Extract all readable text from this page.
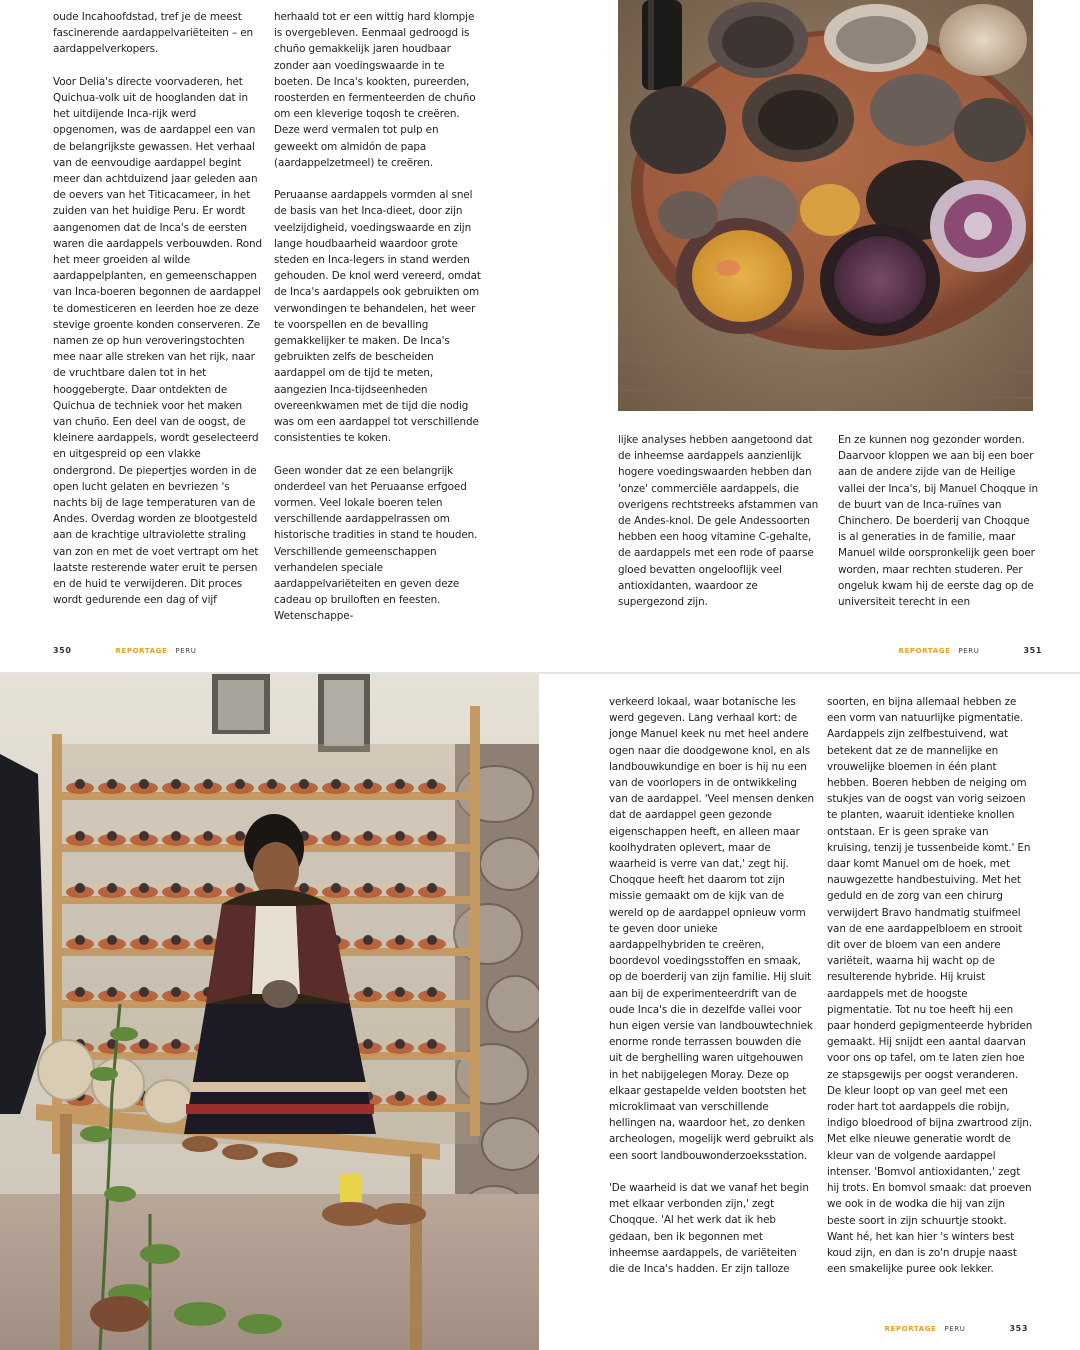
oude Incahoofdstad, tref je de meest fascinerende aardappelvariëteiten – en aardappelverkopers.

Voor Delia's directe voorvaderen, het Quichua-volk uit de hooglanden dat in het uitdijende Inca-rijk werd opgenomen, was de aardappel een van de belangrijkste gewassen. Het verhaal van de eenvoudige aardappel begint meer dan achtduizend jaar geleden aan de oevers van het Titicacameer, in het zuiden van het huidige Peru. Er wordt aangenomen dat de Inca's de eersten waren die aardappels verbouwden. Rond het meer groeiden al wilde aardappelplanten, en gemeenschappen van Inca-boeren begonnen de aardappel te domesticeren en leerden hoe ze deze stevige groente konden conserveren. Ze namen ze op hun veroveringstochten mee naar alle streken van het rijk, naar de vruchtbare dalen tot in het hooggebergte. Daar ontdekten de Quichua de techniek voor het maken van chuño. Een deel van de oogst, de kleinere aardappels, wordt geselecteerd en uitgespreid op een vlakke ondergrond. De piepertjes worden in de open lucht gelaten en bevriezen 's nachts bij de lage temperaturen van de Andes. Overdag worden ze blootgesteld aan de krachtige ultraviolette straling van zon en met de voet vertrapt om het laatste resterende water eruit te persen en de huid te verwijderen. Dit proces wordt gedurende een dag of vijf

herhaald tot er een wittig hard klompje is overgebleven. Eenmaal gedroogd is chuño gemakkelijk jaren houdbaar zonder aan voedingswaarde in te boeten. De Inca's kookten, pureerden, roosterden en fermenteerden de chuño om een kleverige toqosh te creëren. Deze werd vermalen tot pulp en geweekt om almidón de papa (aardappelzetmeel) te creëren.

Peruaanse aardappels vormden al snel de basis van het Inca-dieet, door zijn veelzijdigheid, voedingswaarde en zijn lange houdbaarheid waardoor grote steden en Inca-legers in stand werden gehouden. De knol werd vereerd, omdat de Inca's aardappels ook gebruikten om verwondingen te behandelen, het weer te voorspellen en de bevalling gemakkelijker te maken. De Inca's gebruikten zelfs de bescheiden aardappel om de tijd te meten, aangezien Inca-tijdseenheden overeenkwamen met de tijd die nodig was om een aardappel tot verschillende consistenties te koken.

Geen wonder dat ze een belangrijk onderdeel van het Peruaanse erfgoed vormen. Veel lokale boeren telen verschillende aardappelrassen om historische tradities in stand te houden. Verschillende gemeenschappen verhandelen speciale aardappelvariëteiten en geven deze cadeau op bruiloften en feesten. Wetenschappe-

350	REPORTAGE PERU

lijke analyses hebben aangetoond dat de inheemse aardappels aanzienlijk hogere voedingswaarden hebben dan 'onze' commerciële aardappels, die overigens rechtstreeks afstammen van de Andes-knol. De gele Andessoorten hebben een hoog vitamine C-gehalte, de aardappels met een rode of paarse gloed bevatten ongelooflijk veel antioxidanten, waardoor ze supergezond zijn.

En ze kunnen nog gezonder worden. Daarvoor kloppen we aan bij een boer aan de andere zijde van de Heilige vallei der Inca's, bij Manuel Choqque in de buurt van de Inca-ruïnes van Chinchero. De boerderij van Choqque is al generaties in de familie, maar Manuel wilde oorspronkelijk geen boer worden, maar rechten studeren. Per ongeluk kwam hij de eerste dag op de universiteit terecht in een

REPORTAGE PERU	351

verkeerd lokaal, waar botanische les werd gegeven. Lang verhaal kort: de jonge Manuel keek nu met heel andere ogen naar die doodgewone knol, en als landbouwkundige en boer is hij nu een van de voorlopers in de ontwikkeling van de aardappel. 'Veel mensen denken dat de aardappel geen gezonde eigenschappen heeft, en alleen maar koolhydraten oplevert, maar de waarheid is verre van dat,' zegt hij. Choqque heeft het daarom tot zijn missie gemaakt om de kijk van de wereld op de aardappel opnieuw vorm te geven door unieke aardappelhybriden te creëren, boordevol voedingsstoffen en smaak, op de boerderij van zijn familie. Hij sluit aan bij de experimenteerdrift van de oude Inca's die in dezelfde vallei voor hun eigen versie van landbouwtechniek enorme ronde terrassen bouwden die uit de berghelling waren uitgehouwen in het nabijgelegen Moray. Deze op elkaar gestapelde velden bootsten het microklimaat van verschillende hellingen na, waardoor het, zo denken archeologen, mogelijk werd gebruikt als een soort landbouwonderzoeksstation.

'De waarheid is dat we vanaf het begin met elkaar verbonden zijn,' zegt Choqque. 'Al het werk dat ik heb gedaan, ben ik begonnen met inheemse aardappels, de variëteiten die de Inca's hadden. Er zijn talloze

soorten, en bijna allemaal hebben ze een vorm van natuurlijke pigmentatie. Aardappels zijn zelfbestuivend, wat betekent dat ze de mannelijke en vrouwelijke bloemen in één plant hebben. Boeren hebben de neiging om stukjes van de oogst van vorig seizoen te planten, waaruit identieke knollen ontstaan. Er is geen sprake van kruising, tenzij je tussenbeide komt.' En daar komt Manuel om de hoek, met nauwgezette handbestuiving. Met het geduld en de zorg van een chirurg verwijdert Bravo handmatig stuifmeel van de ene aardappelbloem en strooit dit over de bloem van een andere variëteit, waarna hij wacht op de resulterende hybride. Hij kruist aardappels met de hoogste pigmentatie. Tot nu toe heeft hij een paar honderd gepigmenteerde hybriden gemaakt. Hij snijdt een aantal daarvan voor ons op tafel, om te laten zien hoe ze stapsgewijs per oogst veranderen. De kleur loopt op van geel met een roder hart tot aardappels die robijn, indigo bloedrood of bijna zwartrood zijn. Met elke nieuwe generatie wordt de kleur van de volgende aardappel intenser. 'Bomvol antioxidanten,' zegt hij trots. En bomvol smaak: dat proeven we ook in de wodka die hij van zijn beste soort in zijn schuurtje stookt. Want hé, het kan hier 's winters best koud zijn, en dan is zo'n drupje naast een smakelijke puree ook lekker.

REPORTAGE PERU	353
